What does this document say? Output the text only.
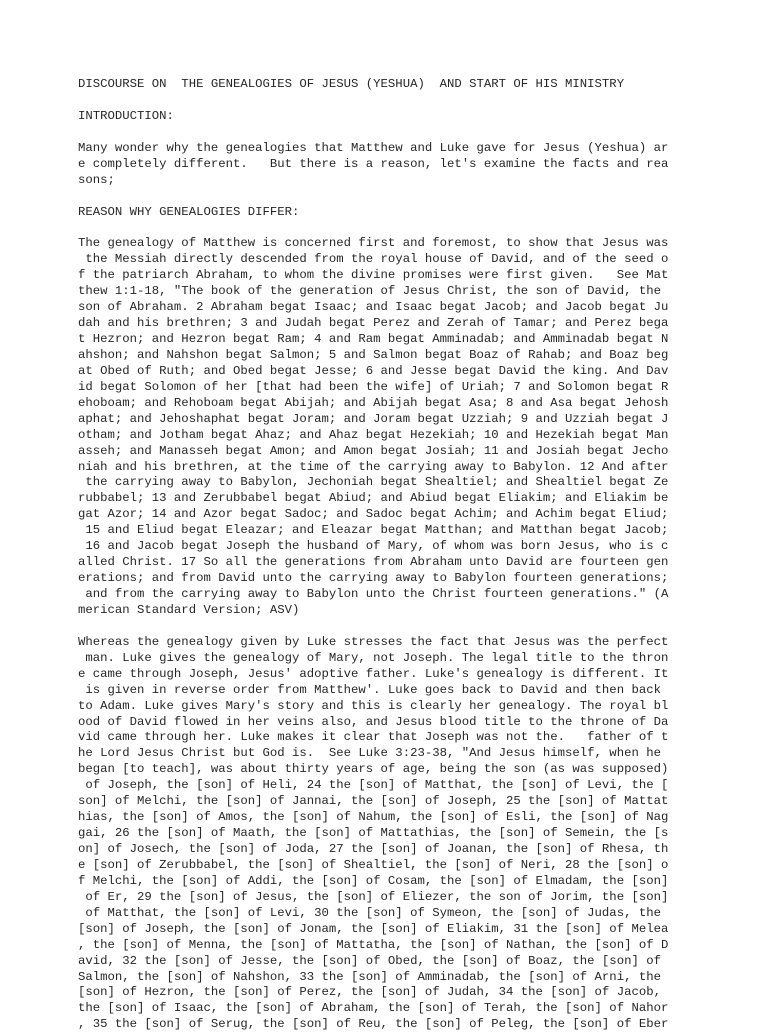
DISCOURSE ON  THE GENEALOGIES OF JESUS (YESHUA)  AND START OF HIS MINISTRY
INTRODUCTION:
Many wonder why the genealogies that Matthew and Luke gave for Jesus (Yeshua) ar
e completely different.   But there is a reason, let's examine the facts and rea
sons;
REASON WHY GENEALOGIES DIFFER:
The genealogy of Matthew is concerned first and foremost, to show that Jesus was
the Messiah directly descended from the royal house of David, and of the seed o
f the patriarch Abraham, to whom the divine promises were first given.   See Mat
thew 1:1-18, "The book of the generation of Jesus Christ, the son of David, the
son of Abraham. 2 Abraham begat Isaac; and Isaac begat Jacob; and Jacob begat Ju
dah and his brethren; 3 and Judah begat Perez and Zerah of Tamar; and Perez bega
t Hezron; and Hezron begat Ram; 4 and Ram begat Amminadab; and Amminadab begat N
ahshon; and Nahshon begat Salmon; 5 and Salmon begat Boaz of Rahab; and Boaz beg
at Obed of Ruth; and Obed begat Jesse; 6 and Jesse begat David the king. And Dav
id begat Solomon of her [that had been the wife] of Uriah; 7 and Solomon begat R
ehoboam; and Rehoboam begat Abijah; and Abijah begat Asa; 8 and Asa begat Jehosh
aphat; and Jehoshaphat begat Joram; and Joram begat Uzziah; 9 and Uzziah begat J
otham; and Jotham begat Ahaz; and Ahaz begat Hezekiah; 10 and Hezekiah begat Man
asseh; and Manasseh begat Amon; and Amon begat Josiah; 11 and Josiah begat Jecho
niah and his brethren, at the time of the carrying away to Babylon. 12 And after
the carrying away to Babylon, Jechoniah begat Shealtiel; and Shealtiel begat Ze
rubbabel; 13 and Zerubbabel begat Abiud; and Abiud begat Eliakim; and Eliakim be
gat Azor; 14 and Azor begat Sadoc; and Sadoc begat Achim; and Achim begat Eliud;
15 and Eliud begat Eleazar; and Eleazar begat Matthan; and Matthan begat Jacob;
16 and Jacob begat Joseph the husband of Mary, of whom was born Jesus, who is c
alled Christ. 17 So all the generations from Abraham unto David are fourteen gen
erations; and from David unto the carrying away to Babylon fourteen generations;
and from the carrying away to Babylon unto the Christ fourteen generations." (A
merican Standard Version; ASV)
Whereas the genealogy given by Luke stresses the fact that Jesus was the perfect
man. Luke gives the genealogy of Mary, not Joseph. The legal title to the thron
e came through Joseph, Jesus' adoptive father. Luke's genealogy is different. It
is given in reverse order from Matthew'. Luke goes back to David and then back
to Adam. Luke gives Mary's story and this is clearly her genealogy. The royal bl
ood of David flowed in her veins also, and Jesus blood title to the throne of Da
vid came through her. Luke makes it clear that Joseph was not the.   father of t
he Lord Jesus Christ but God is.  See Luke 3:23-38, "And Jesus himself, when he
began [to teach], was about thirty years of age, being the son (as was supposed)
of Joseph, the [son] of Heli, 24 the [son] of Matthat, the [son] of Levi, the [
son] of Melchi, the [son] of Jannai, the [son] of Joseph, 25 the [son] of Mattat
hias, the [son] of Amos, the [son] of Nahum, the [son] of Esli, the [son] of Nag
gai, 26 the [son] of Maath, the [son] of Mattathias, the [son] of Semein, the [s
on] of Josech, the [son] of Joda, 27 the [son] of Joanan, the [son] of Rhesa, th
e [son] of Zerubbabel, the [son] of Shealtiel, the [son] of Neri, 28 the [son] o
f Melchi, the [son] of Addi, the [son] of Cosam, the [son] of Elmadam, the [son]
of Er, 29 the [son] of Jesus, the [son] of Eliezer, the son of Jorim, the [son]
of Matthat, the [son] of Levi, 30 the [son] of Symeon, the [son] of Judas, the
[son] of Joseph, the [son] of Jonam, the [son] of Eliakim, 31 the [son] of Melea
, the [son] of Menna, the [son] of Mattatha, the [son] of Nathan, the [son] of D
avid, 32 the [son] of Jesse, the [son] of Obed, the [son] of Boaz, the [son] of
Salmon, the [son] of Nahshon, 33 the [son] of Amminadab, the [son] of Arni, the
[son] of Hezron, the [son] of Perez, the [son] of Judah, 34 the [son] of Jacob,
the [son] of Isaac, the [son] of Abraham, the [son] of Terah, the [son] of Nahor
, 35 the [son] of Serug, the [son] of Reu, the [son] of Peleg, the [son] of Eber
